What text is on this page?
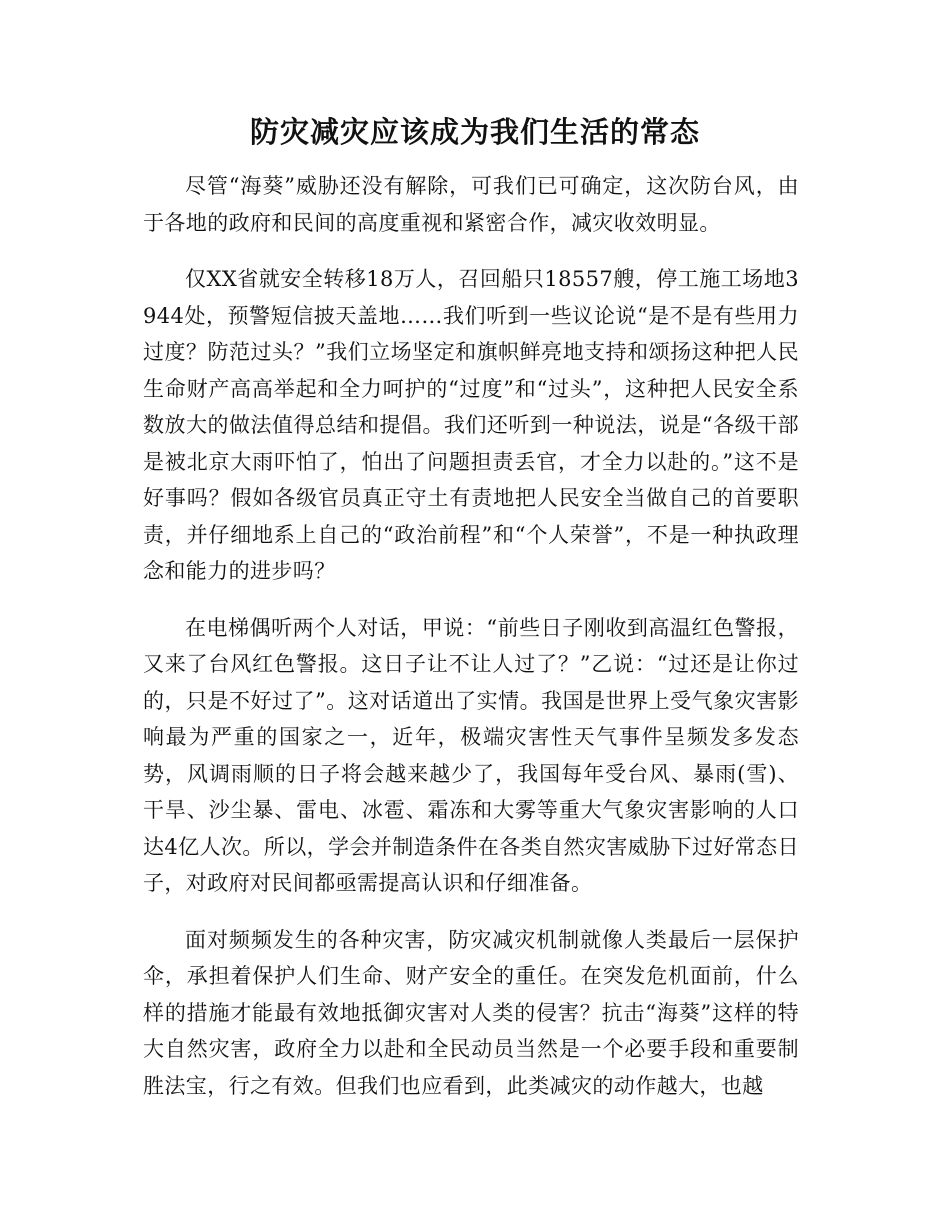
防灾减灾应该成为我们生活的常态

尽管“海葵”威胁还没有解除，可我们已可确定，这次防台风，由于各地的政府和民间的高度重视和紧密合作，减灾收效明显。

仅XX省就安全转移18万人，召回船只18557艘，停工施工场地3944处，预警短信披天盖地……我们听到一些议论说“是不是有些用力过度？防范过头？”我们立场坚定和旗帜鲜亮地支持和颂扬这种把人民生命财产高高举起和全力呵护的“过度”和“过头”，这种把人民安全系数放大的做法值得总结和提倡。我们还听到一种说法，说是“各级干部是被北京大雨吓怕了，怕出了问题担责丢官，才全力以赴的。”这不是好事吗？假如各级官员真正守土有责地把人民安全当做自己的首要职责，并仔细地系上自己的“政治前程”和“个人荣誉”，不是一种执政理念和能力的进步吗？

在电梯偶听两个人对话，甲说：“前些日子刚收到高温红色警报，又来了台风红色警报。这日子让不让人过了？”乙说：“过还是让你过的，只是不好过了”。这对话道出了实情。我国是世界上受气象灾害影响最为严重的国家之一，近年，极端灾害性天气事件呈频发多发态势，风调雨顺的日子将会越来越少了，我国每年受台风、暴雨(雪)、干旱、沙尘暴、雷电、冰雹、霜冻和大雾等重大气象灾害影响的人口达4亿人次。所以，学会并制造条件在各类自然灾害威胁下过好常态日子，对政府对民间都亟需提高认识和仔细准备。

面对频频发生的各种灾害，防灾减灾机制就像人类最后一层保护伞，承担着保护人们生命、财产安全的重任。在突发危机面前，什么样的措施才能最有效地抵御灾害对人类的侵害？抗击“海葵”这样的特大自然灾害，政府全力以赴和全民动员当然是一个必要手段和重要制胜法宝，行之有效。但我们也应看到，此类减灾的动作越大，也越
